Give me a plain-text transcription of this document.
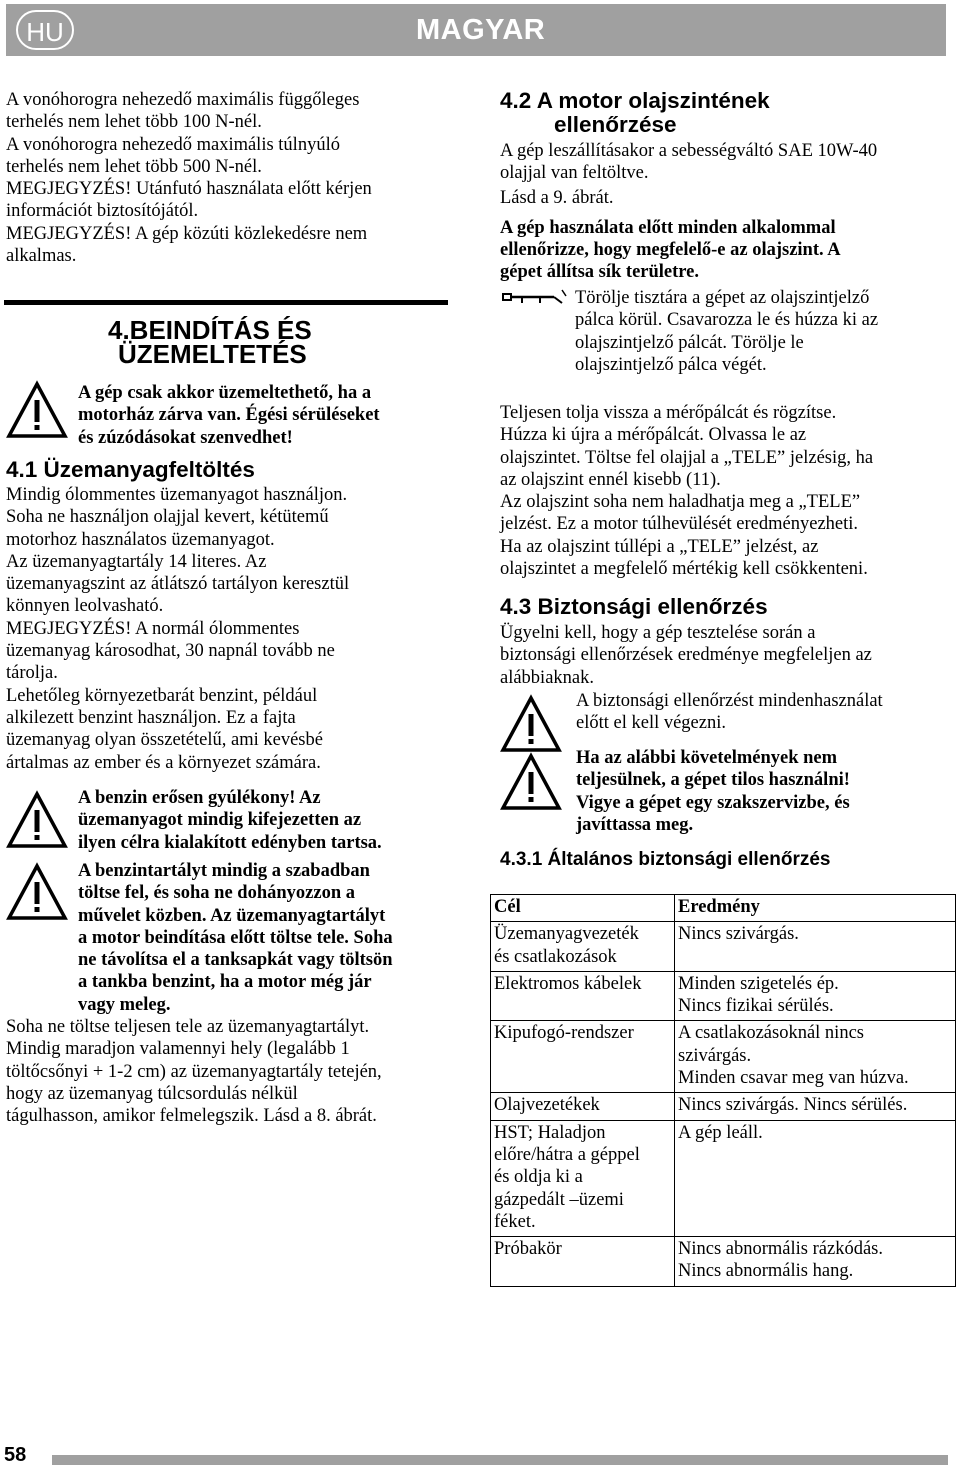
HU	MAGYAR

A vonóhorogra nehezedő maximális függőleges

terhelés nem lehet több 100 N-nél.

A vonóhorogra nehezedő maximális túlnyúló

terhelés nem lehet több 500 N-nél.

MEGJEGYZÉS! Utánfutó használata előtt kérjen

információt biztosítójától.

MEGJEGYZÉS! A gép közúti közlekedésre nem

alkalmas.

4.BEINDÍTÁS ÉS
ÜZEMELTETÉS

A gép csak akkor üzemeltethető, ha a

motorház zárva van. Égési sérüléseket

és zúzódásokat szenvedhet!

4.1 Üzemanyagfeltöltés

Mindig ólommentes üzemanyagot használjon.

Soha ne használjon olajjal kevert, kétütemű

motorhoz használatos üzemanyagot.

Az üzemanyagtartály 14 literes. Az

üzemanyagszint az átlátszó tartályon keresztül

könnyen leolvasható.

MEGJEGYZÉS! A normál ólommentes

üzemanyag károsodhat, 30 napnál tovább ne

tárolja.

Lehetőleg környezetbarát benzint, például

alkilezett benzint használjon. Ez a fajta

üzemanyag olyan összetételű, ami kevésbé

ártalmas az ember és a környezet számára.

A benzin erősen gyúlékony! Az

üzemanyagot mindig kifejezetten az

ilyen célra kialakított edényben tartsa.

A benzintartályt mindig a szabadban

töltse fel, és soha ne dohányozzon a

művelet közben. Az üzemanyagtartályt

a motor beindítása előtt töltse tele. Soha

ne távolítsa el a tanksapkát vagy töltsön

a tankba benzint, ha a motor még jár

vagy meleg.

Soha ne töltse teljesen tele az üzemanyagtartályt.

Mindig maradjon valamennyi hely (legalább 1

töltőcsőnyi + 1-2 cm) az üzemanyagtartály tetején,

hogy az üzemanyag túlcsordulás nélkül

tágulhasson, amikor felmelegszik. Lásd a 8. ábrát.

4.2 A motor olajszintének
ellenőrzése

A gép leszállításakor a sebességváltó SAE 10W-40

olajjal van feltöltve.

Lásd a 9. ábrát.

A gép használata előtt minden alkalommal

ellenőrizze, hogy megfelelő-e az olajszint. A

gépet állítsa sík területre.

Törölje tisztára a gépet az olajszintjelző

pálca körül. Csavarozza le és húzza ki az

olajszintjelző pálcát. Törölje le

olajszintjelző pálca végét.

Teljesen tolja vissza a mérőpálcát és rögzítse.

Húzza ki újra a mérőpálcát. Olvassa le az

olajszintet. Töltse fel olajjal a „TELE” jelzésig, ha

az olajszint ennél kisebb (11).

Az olajszint soha nem haladhatja meg a „TELE”

jelzést. Ez a motor túlhevülését eredményezheti.

Ha az olajszint túllépi a „TELE” jelzést, az

olajszintet a megfelelő mértékig kell csökkenteni.

4.3 Biztonsági ellenőrzés

Ügyelni kell, hogy a gép tesztelése során a

biztonsági ellenőrzések eredménye megfeleljen az

alábbiaknak.

A biztonsági ellenőrzést mindenhasználat

előtt el kell végezni.

Ha az alábbi követelmények nem

teljesülnek, a gépet tilos használni!

Vigye a gépet egy szakszervizbe, és

javíttassa meg.

4.3.1 Általános biztonsági ellenőrzés
Cél	Eredmény

Üzemanyagvezeték
és csatlakozások	Nincs szivárgás.

Elektromos kábelek	Minden szigetelés ép.
Nincs fizikai sérülés.

Kipufogó-rendszer	A csatlakozásoknál nincs
szivárgás.
Minden csavar meg van húzva.

Olajvezetékek	Nincs szivárgás. Nincs sérülés.

HST; Haladjon
előre/hátra a géppel
és oldja ki a
gázpedált –üzemi
féket.	A gép leáll.

Próbakör	Nincs abnormális rázkódás.
Nincs abnormális hang.
58
